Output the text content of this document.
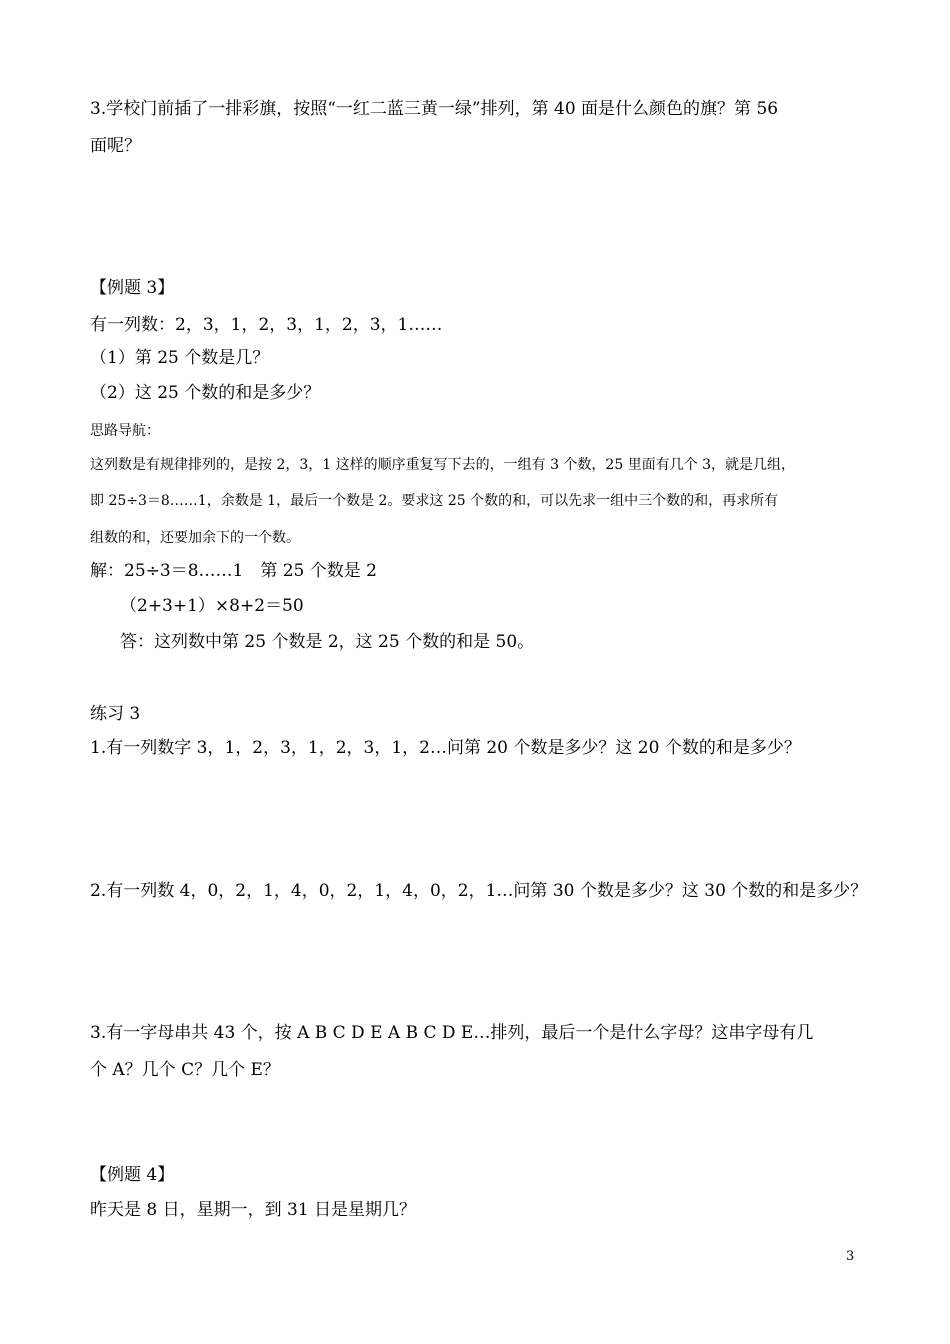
3.学校门前插了一排彩旗，按照“一红二蓝三黄一绿”排列，第 40 面是什么颜色的旗？第 56
面呢？
【例题 3】
有一列数：2，3，1，2，3，1，2，3，1……
（1）第 25 个数是几？
（2）这 25 个数的和是多少？
思路导航：
这列数是有规律排列的，是按 2，3，1 这样的顺序重复写下去的，一组有 3 个数，25 里面有几个 3，就是几组，
即 25÷3＝8……1，余数是 1，最后一个数是 2。要求这 25 个数的和，可以先求一组中三个数的和，再求所有
组数的和，还要加余下的一个数。
解：25÷3＝8……1　第 25 个数是 2
（2+3+1）×8+2＝50
答：这列数中第 25 个数是 2，这 25 个数的和是 50。
练习 3
1.有一列数字 3，1，2，3，1，2，3，1，2…问第 20 个数是多少？这 20 个数的和是多少？
2.有一列数 4，0，2，1，4，0，2，1，4，0，2，1…问第 30 个数是多少？这 30 个数的和是多少？
3.有一字母串共 43 个，按 A B C D E A B C D E…排列，最后一个是什么字母？这串字母有几
个 A？几个 C？几个 E？
【例题 4】
昨天是 8 日，星期一，到 31 日是星期几？
3
